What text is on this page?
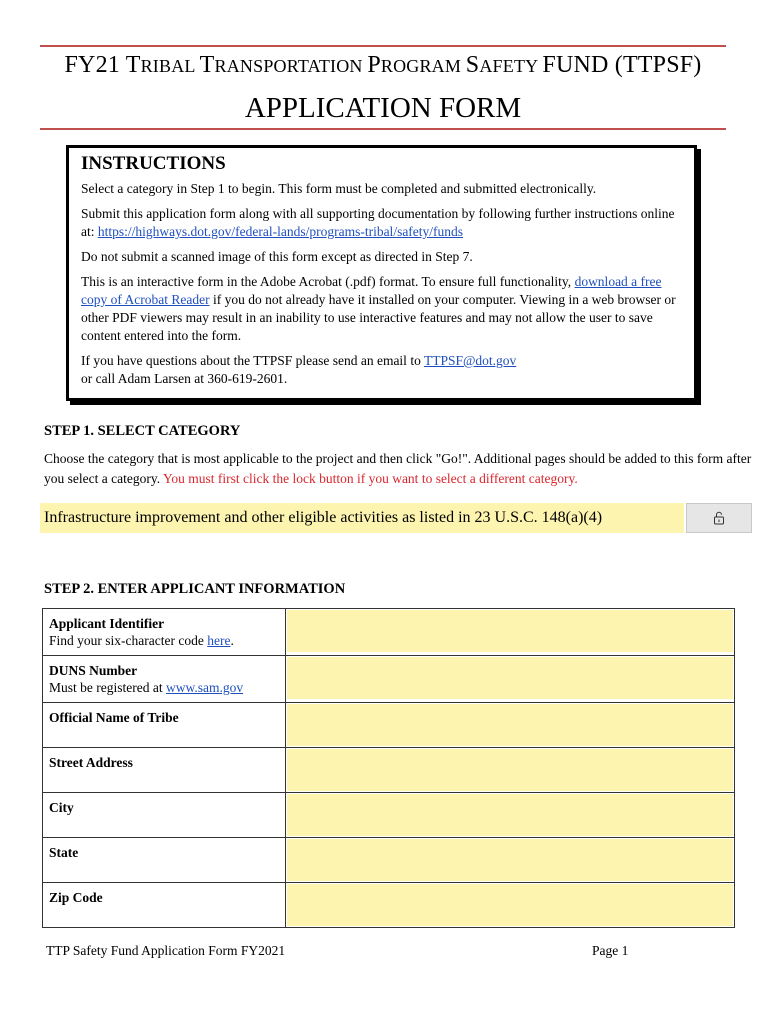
FY21 TRIBAL TRANSPORTATION PROGRAM SAFETY FUND (TTPSF)
APPLICATION FORM
INSTRUCTIONS

Select a category in Step 1 to begin. This form must be completed and submitted electronically.

Submit this application form along with all supporting documentation by following further instructions online at: https://highways.dot.gov/federal-lands/programs-tribal/safety/funds

Do not submit a scanned image of this form except as directed in Step 7.

This is an interactive form in the Adobe Acrobat (.pdf) format. To ensure full functionality, download a free copy of Acrobat Reader if you do not already have it installed on your computer. Viewing in a web browser or other PDF viewers may result in an inability to use interactive features and may not allow the user to save content entered into the form.

If you have questions about the TTPSF please send an email to TTPSF@dot.gov
or call Adam Larsen at 360-619-2601.

STEP 1. SELECT CATEGORY
Choose the category that is most applicable to the project and then click "Go!". Additional pages should be added to this form after you select a category. You must first click the lock button if you want to select a different category.
Infrastructure improvement and other eligible activities as listed in 23 U.S.C. 148(a)(4)
STEP 2. ENTER APPLICANT INFORMATION
Applicant Identifier
Find your six-character code here.	

DUNS Number
Must be registered at www.sam.gov	

Official Name of Tribe	

Street Address	

City	

State	

Zip Code	
TTP Safety Fund Application Form FY2021	Page 1
